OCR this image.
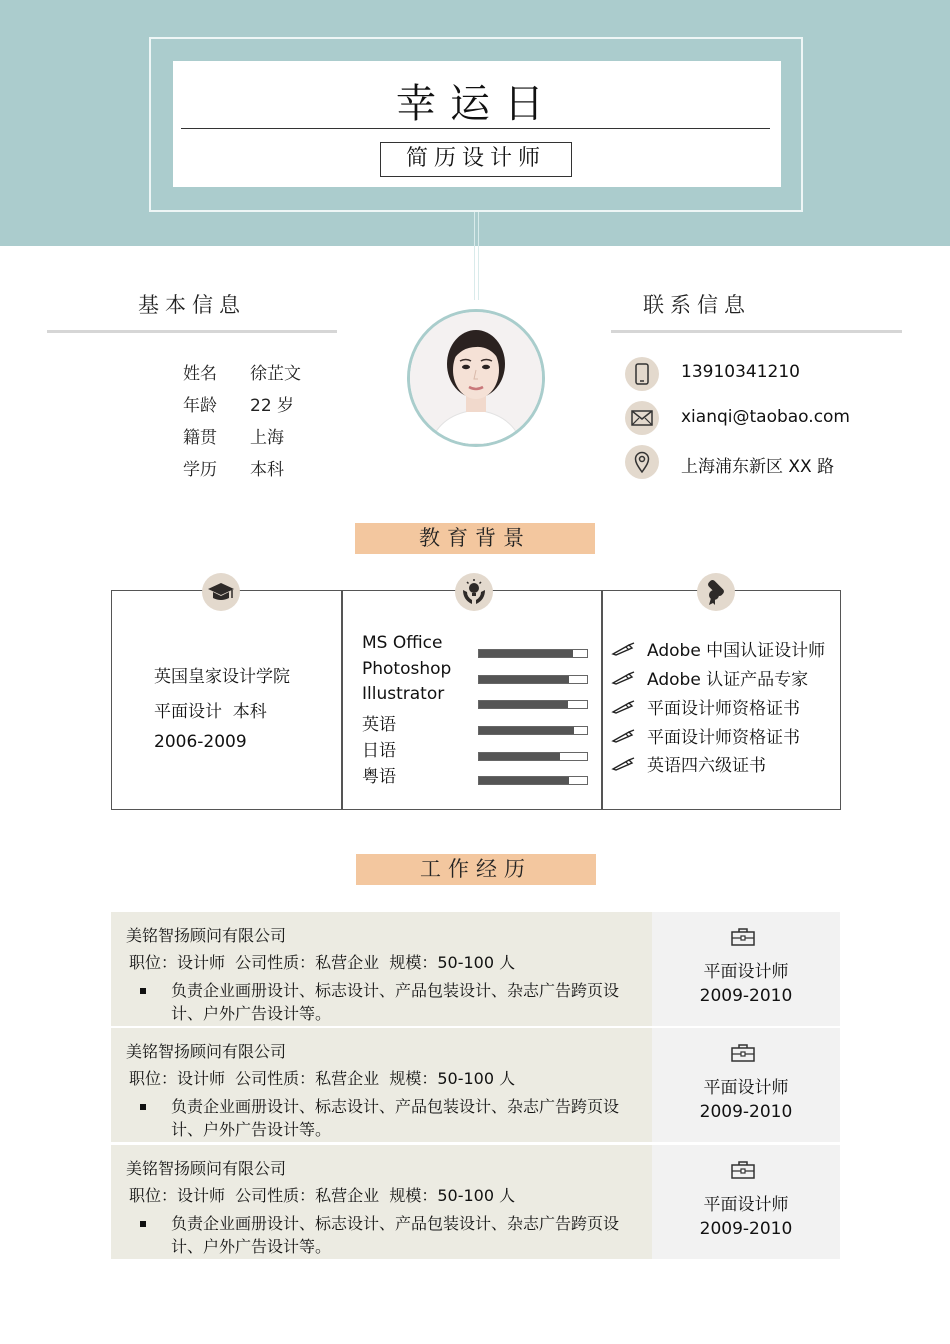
幸运日
简历设计师
基本信息
姓名 徐芷文
年龄 22 岁
籍贯 上海
学历 本科
联系信息
13910341210
xianqi@taobao.com
上海浦东新区 XX 路
教育背景
英国皇家设计学院
平面设计  本科
2006-2009
MS Office
Photoshop
Illustrator
英语
日语
粤语
Adobe 中国认证设计师
Adobe 认证产品专家
平面设计师资格证书
平面设计师资格证书
英语四六级证书
工作经历
美铭智扬顾问有限公司
职位：设计师  公司性质：私营企业  规模：50-100 人
负责企业画册设计、标志设计、产品包装设计、杂志广告跨页设
计、户外广告设计等。
平面设计师
2009-2010
美铭智扬顾问有限公司
职位：设计师  公司性质：私营企业  规模：50-100 人
负责企业画册设计、标志设计、产品包装设计、杂志广告跨页设
计、户外广告设计等。
平面设计师
2009-2010
美铭智扬顾问有限公司
职位：设计师  公司性质：私营企业  规模：50-100 人
负责企业画册设计、标志设计、产品包装设计、杂志广告跨页设
计、户外广告设计等。
平面设计师
2009-2010
